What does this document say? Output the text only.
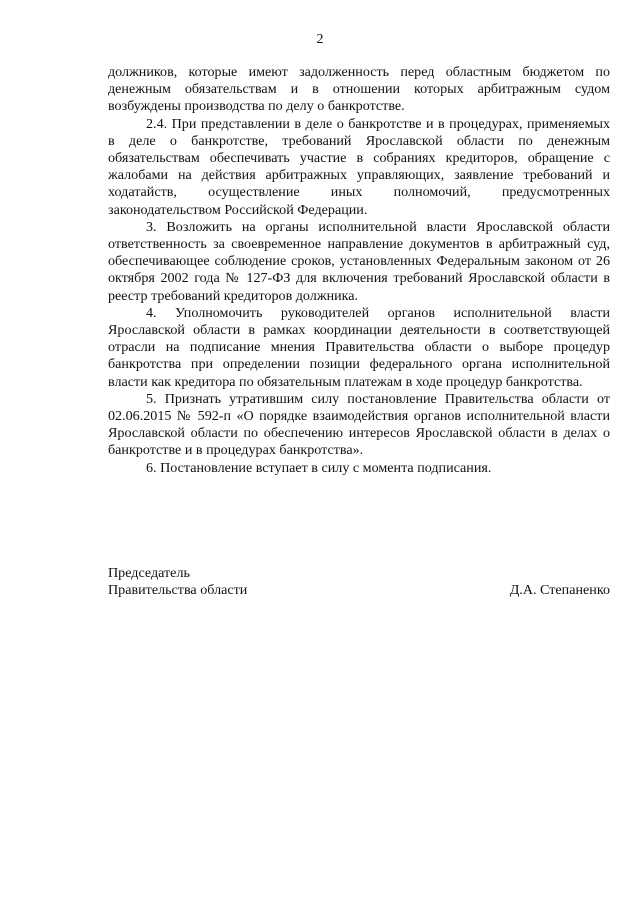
2

должников, которые имеют задолженность перед областным бюджетом по денежным обязательствам и в отношении которых арбитражным судом возбуждены производства по делу о банкротстве.

2.4. При представлении в деле о банкротстве и в процедурах, применяемых в деле о банкротстве, требований Ярославской области по денежным обязательствам обеспечивать участие в собраниях кредиторов, обращение с жалобами на действия арбитражных управляющих, заявление требований и ходатайств, осуществление иных полномочий, предусмотренных законодательством Российской Федерации.

3. Возложить на органы исполнительной власти Ярославской области ответственность за своевременное направление документов в арбитражный суд, обеспечивающее соблюдение сроков, установленных Федеральным законом от 26 октября 2002 года № 127-ФЗ для включения требований Ярославской области в реестр требований кредиторов должника.

4. Уполномочить руководителей органов исполнительной власти Ярославской области в рамках координации деятельности в соответствующей отрасли на подписание мнения Правительства области о выборе процедур банкротства при определении позиции федерального органа исполнительной власти как кредитора по обязательным платежам в ходе процедур банкротства.

5. Признать утратившим силу постановление Правительства области от 02.06.2015 № 592-п «О порядке взаимодействия органов исполнительной власти Ярославской области по обеспечению интересов Ярославской области в делах о банкротстве и в процедурах банкротства».

6. Постановление вступает в силу с момента подписания.

Председатель
Правительства области	Д.А. Степаненко
